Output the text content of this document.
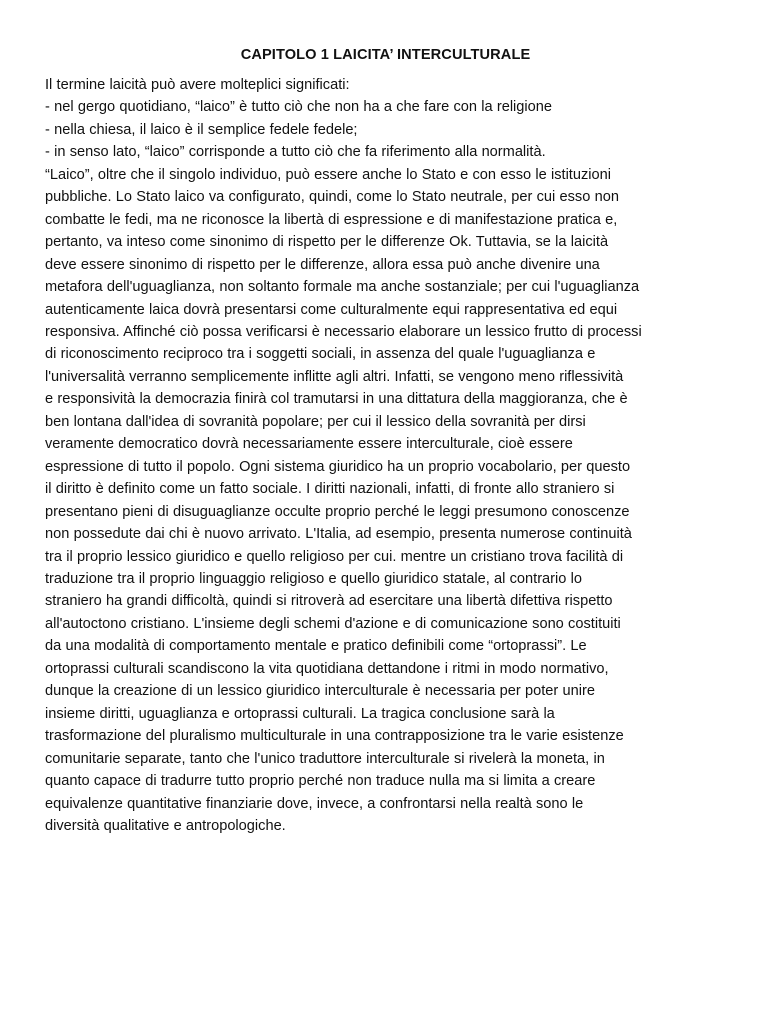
CAPITOLO 1 LAICITA’ INTERCULTURALE
Il termine laicità può avere molteplici significati:
- nel gergo quotidiano, “laico” è tutto ciò che non ha a che fare con la religione
- nella chiesa, il laico è il semplice fedele fedele;
- in senso lato, “laico” corrisponde a tutto ciò che fa riferimento alla normalità.
“Laico”, oltre che il singolo individuo, può essere anche lo Stato e con esso le istituzioni
pubbliche. Lo Stato laico va configurato, quindi, come lo Stato neutrale, per cui esso non
combatte le fedi, ma ne riconosce la libertà di espressione e di manifestazione pratica e,
pertanto, va inteso come sinonimo di rispetto per le differenze Ok. Tuttavia, se la laicità
deve essere sinonimo di rispetto per le differenze, allora essa può anche divenire una
metafora dell'uguaglianza, non soltanto formale ma anche sostanziale; per cui l'uguaglianza
autenticamente laica dovrà presentarsi come culturalmente equi rappresentativa ed equi
responsiva. Affinché ciò possa verificarsi è necessario elaborare un lessico frutto di processi
di riconoscimento reciproco tra i soggetti sociali, in assenza del quale l'uguaglianza e
l'universalità verranno semplicemente inflitte agli altri. Infatti, se vengono meno riflessività
e responsività la democrazia finirà col tramutarsi in una dittatura della maggioranza, che è
ben lontana dall'idea di sovranità popolare; per cui il lessico della sovranità per dirsi
veramente democratico dovrà necessariamente essere interculturale, cioè essere
espressione di tutto il popolo. Ogni sistema giuridico ha un proprio vocabolario, per questo
il diritto è definito come un fatto sociale. I diritti nazionali, infatti, di fronte allo straniero si
presentano pieni di disuguaglianze occulte proprio perché le leggi presumono conoscenze
non possedute dai chi è nuovo arrivato. L'Italia, ad esempio, presenta numerose continuità
tra il proprio lessico giuridico e quello religioso per cui. mentre un cristiano trova facilità di
traduzione tra il proprio linguaggio religioso e quello giuridico statale, al contrario lo
straniero ha grandi difficoltà, quindi si ritroverà ad esercitare una libertà difettiva rispetto
all'autoctono cristiano. L'insieme degli schemi d'azione e di comunicazione sono costituiti
da una modalità di comportamento mentale e pratico definibili come “ortoprassi”. Le
ortoprassi culturali scandiscono la vita quotidiana dettandone i ritmi in modo normativo,
dunque la creazione di un lessico giuridico interculturale è necessaria per poter unire
insieme diritti, uguaglianza e ortoprassi culturali. La tragica conclusione sarà la
trasformazione del pluralismo multiculturale in una contrapposizione tra le varie esistenze
comunitarie separate, tanto che l'unico traduttore interculturale si rivelerà la moneta, in
quanto capace di tradurre tutto proprio perché non traduce nulla ma si limita a creare
equivalenze quantitative finanziarie dove, invece, a confrontarsi nella realtà sono le
diversità qualitative e antropologiche.
